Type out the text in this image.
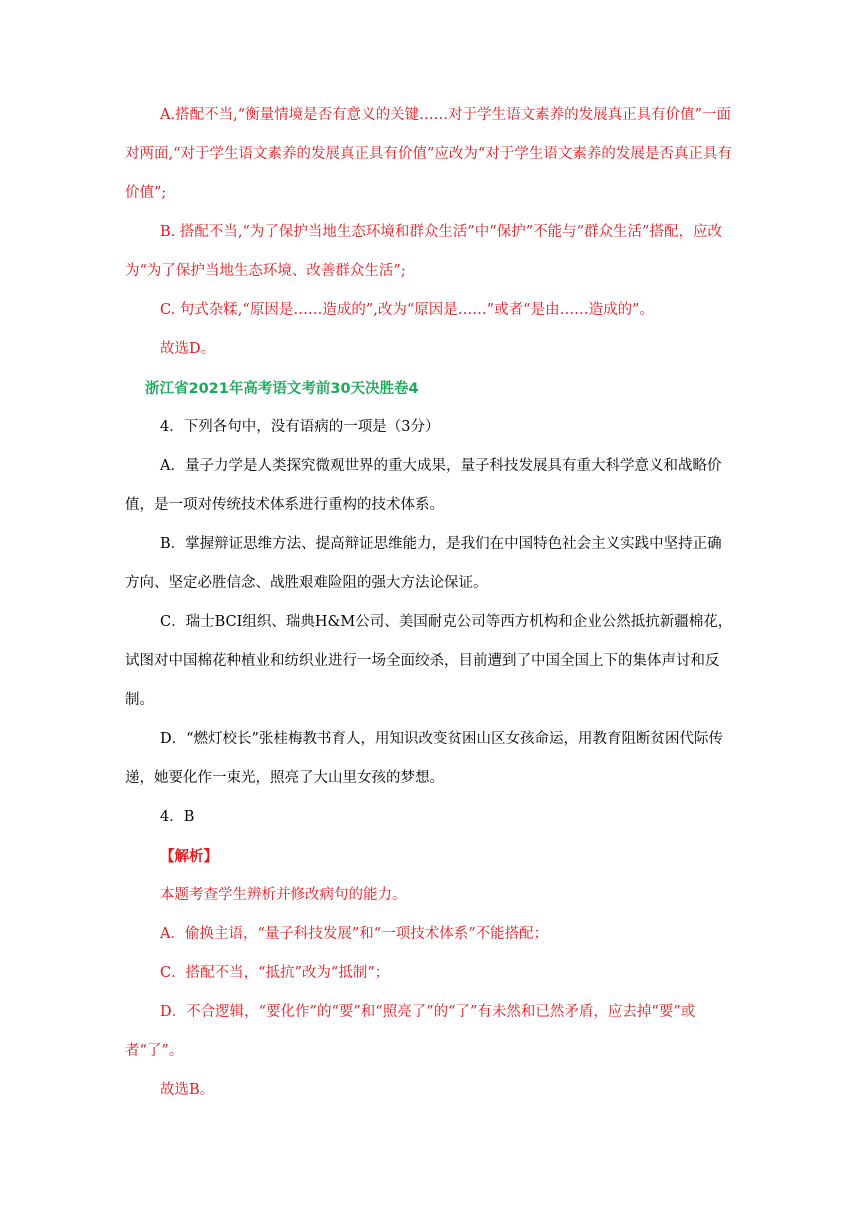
A.搭配不当,“衡量情境是否有意义的关键……对于学生语文素养的发展真正具有价值”一面对两面,“对于学生语文素养的发展真正具有价值”应改为“对于学生语文素养的发展是否真正具有价值”;

B. 搭配不当,“为了保护当地生态环境和群众生活”中“保护”不能与“群众生活”搭配，应改为“为了保护当地生态环境、改善群众生活”;

C. 句式杂糅,“原因是……造成的”,改为“原因是……”或者“是由……造成的”。

故选D。

浙江省2021年高考语文考前30天决胜卷4

4．下列各句中，没有语病的一项是（3分）

A．量子力学是人类探究微观世界的重大成果，量子科技发展具有重大科学意义和战略价值，是一项对传统技术体系进行重构的技术体系。

B．掌握辩证思维方法、提高辩证思维能力，是我们在中国特色社会主义实践中坚持正确方向、坚定必胜信念、战胜艰难险阻的强大方法论保证。

C．瑞士BCI组织、瑞典H&M公司、美国耐克公司等西方机构和企业公然抵抗新疆棉花，试图对中国棉花种植业和纺织业进行一场全面绞杀，目前遭到了中国全国上下的集体声讨和反制。

D．“燃灯校长”张桂梅教书育人，用知识改变贫困山区女孩命运，用教育阻断贫困代际传递，她要化作一束光，照亮了大山里女孩的梦想。

4．B

【解析】

本题考查学生辨析并修改病句的能力。

A．偷换主语，“量子科技发展”和“一项技术体系”不能搭配；

C．搭配不当，“抵抗”改为“抵制”；

D．不合逻辑，“要化作”的“要”和“照亮了”的“了”有未然和已然矛盾，应去掉“要”或者“了”。

故选B。
